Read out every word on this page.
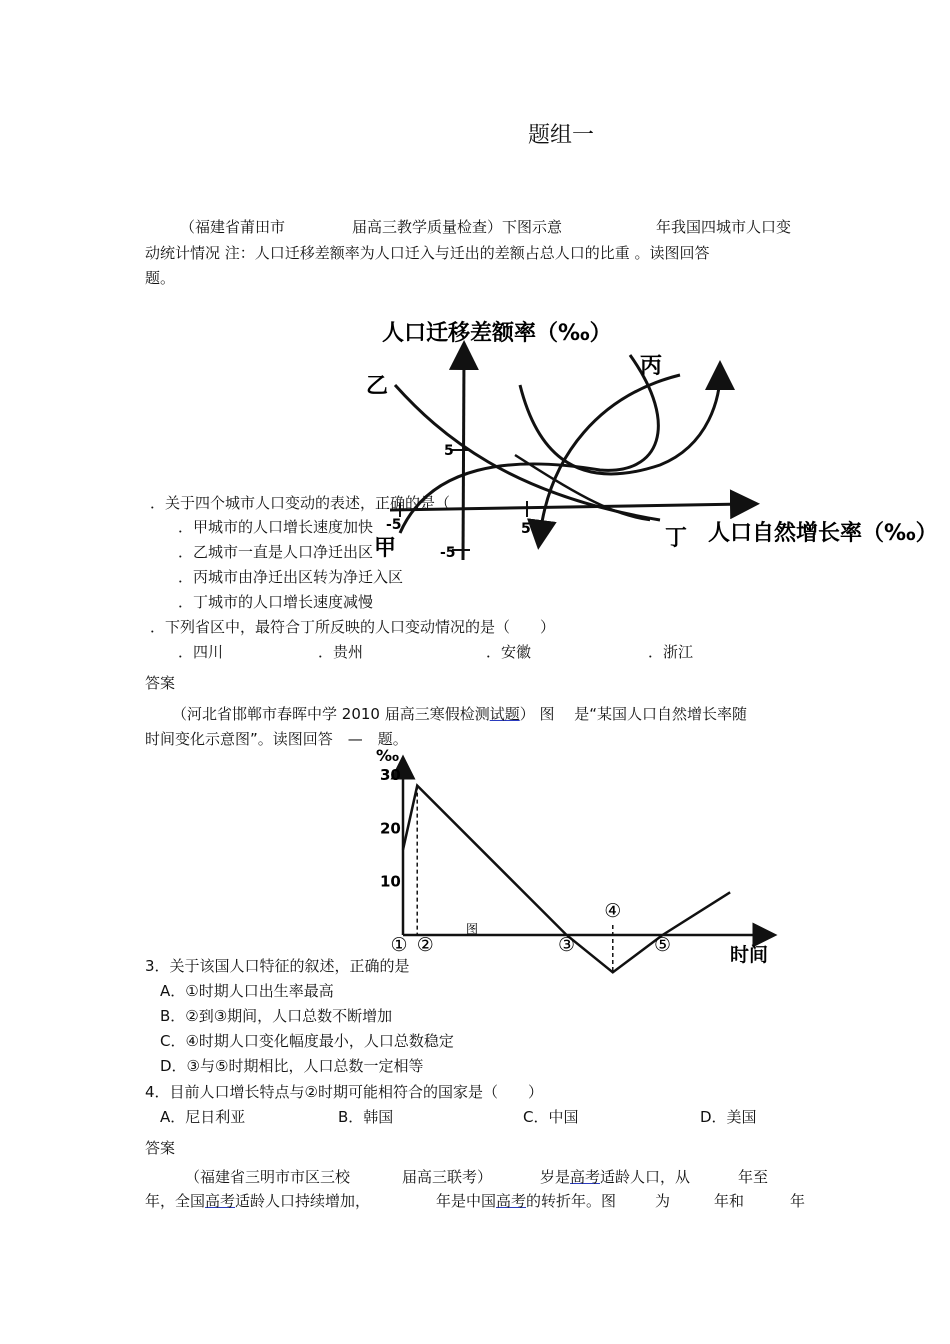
题组一
（福建省莆田市	届高三教学质量检查）下图示意	年我国四城市人口变
动统计情况 注：人口迁移差额率为人口迁入与迁出的差额占总人口的比重 。读图回答
题。
人口迁移差额率（‰）
人口自然增长率（‰）
5
-5
5
-5
乙
丙
甲	丁
．关于四个城市人口变动的表述，正确的是（
．甲城市的人口增长速度加快
．乙城市一直是人口净迁出区
．丙城市由净迁出区转为净迁入区
．丁城市的人口增长速度减慢
．下列省区中，最符合丁所反映的人口变动情况的是（　　）
．四川	．贵州	．安徽	．浙江
答案
（河北省邯郸市春晖中学 2010 届高三寒假检测试题） 图　 是“某国人口自然增长率随
时间变化示意图”。读图回答　—　题。
10
20
30
① ②	③
④
⑤
‰
时间
图
3．关于该国人口特征的叙述，正确的是
A．①时期人口出生率最高
B．②到③期间，人口总数不断增加
C．④时期人口变化幅度最小，人口总数稳定
D．③与⑤时期相比，人口总数一定相等
4．目前人口增长特点与②时期可能相符合的国家是（　　）
A．尼日利亚	B．韩国	C．中国	D．美国
答案
（福建省三明市市区三校	届高三联考）	岁是高考适龄人口，从	年至
年，全国高考适龄人口持续增加，	年是中国高考的转折年。图	为	年和	年
